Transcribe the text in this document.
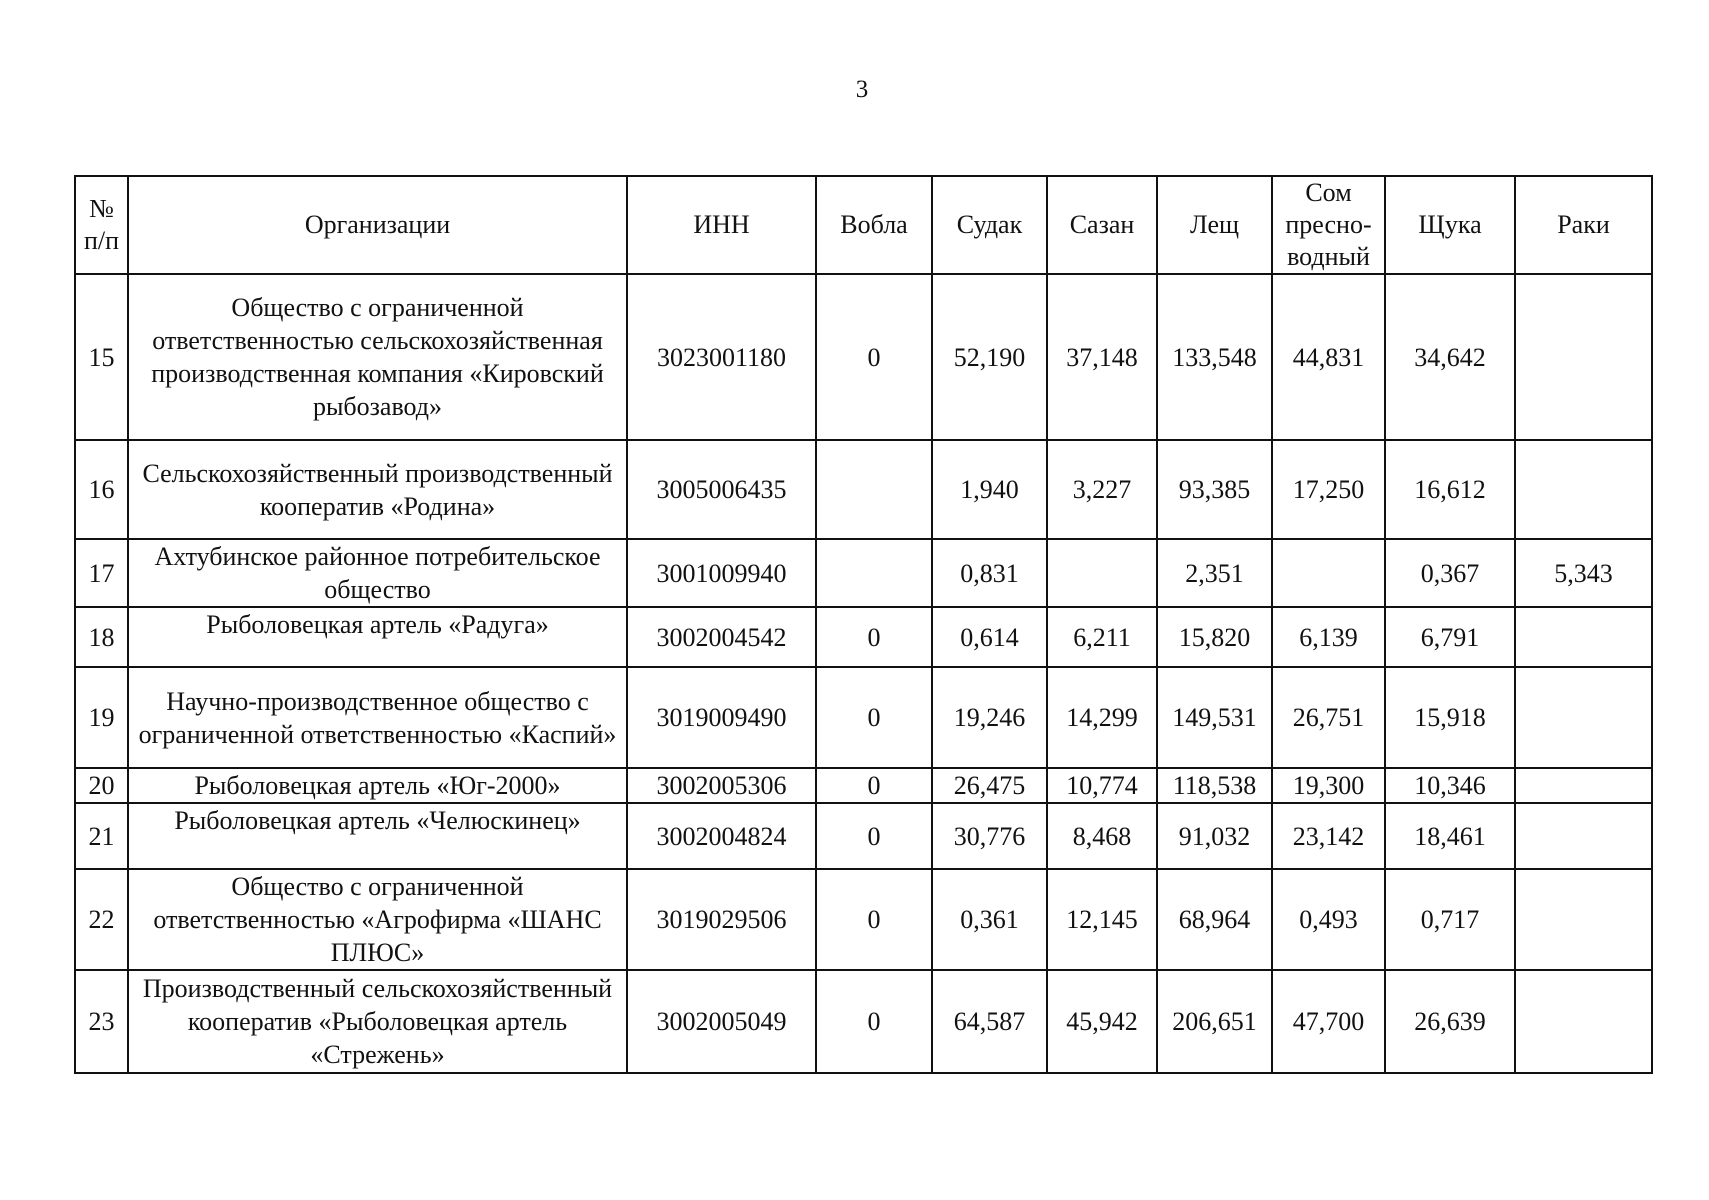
3
№ п/п	Организации	ИНН	Вобла	Судак	Сазан	Лещ	Сом пресно-водный	Щука	Раки
15	Общество с ограниченной ответственностью сельскохозяйственная производственная компания «Кировский рыбозавод»	3023001180	0	52,190	37,148	133,548	44,831	34,642	
16	Сельскохозяйственный производственный кооператив «Родина»	3005006435		1,940	3,227	93,385	17,250	16,612	
17	Ахтубинское районное потребительское общество	3001009940		0,831		2,351		0,367	5,343
18	Рыболовецкая артель «Радуга»	3002004542	0	0,614	6,211	15,820	6,139	6,791	
19	Научно-производственное общество с ограниченной ответственностью «Каспий»	3019009490	0	19,246	14,299	149,531	26,751	15,918	
20	Рыболовецкая артель «Юг-2000»	3002005306	0	26,475	10,774	118,538	19,300	10,346	
21	Рыболовецкая артель «Челюскинец»	3002004824	0	30,776	8,468	91,032	23,142	18,461	
22	Общество с ограниченной ответственностью «Агрофирма «ШАНС ПЛЮС»	3019029506	0	0,361	12,145	68,964	0,493	0,717	
23	Производственный сельскохозяйственный кооператив «Рыболовецкая артель «Стрежень»	3002005049	0	64,587	45,942	206,651	47,700	26,639	
